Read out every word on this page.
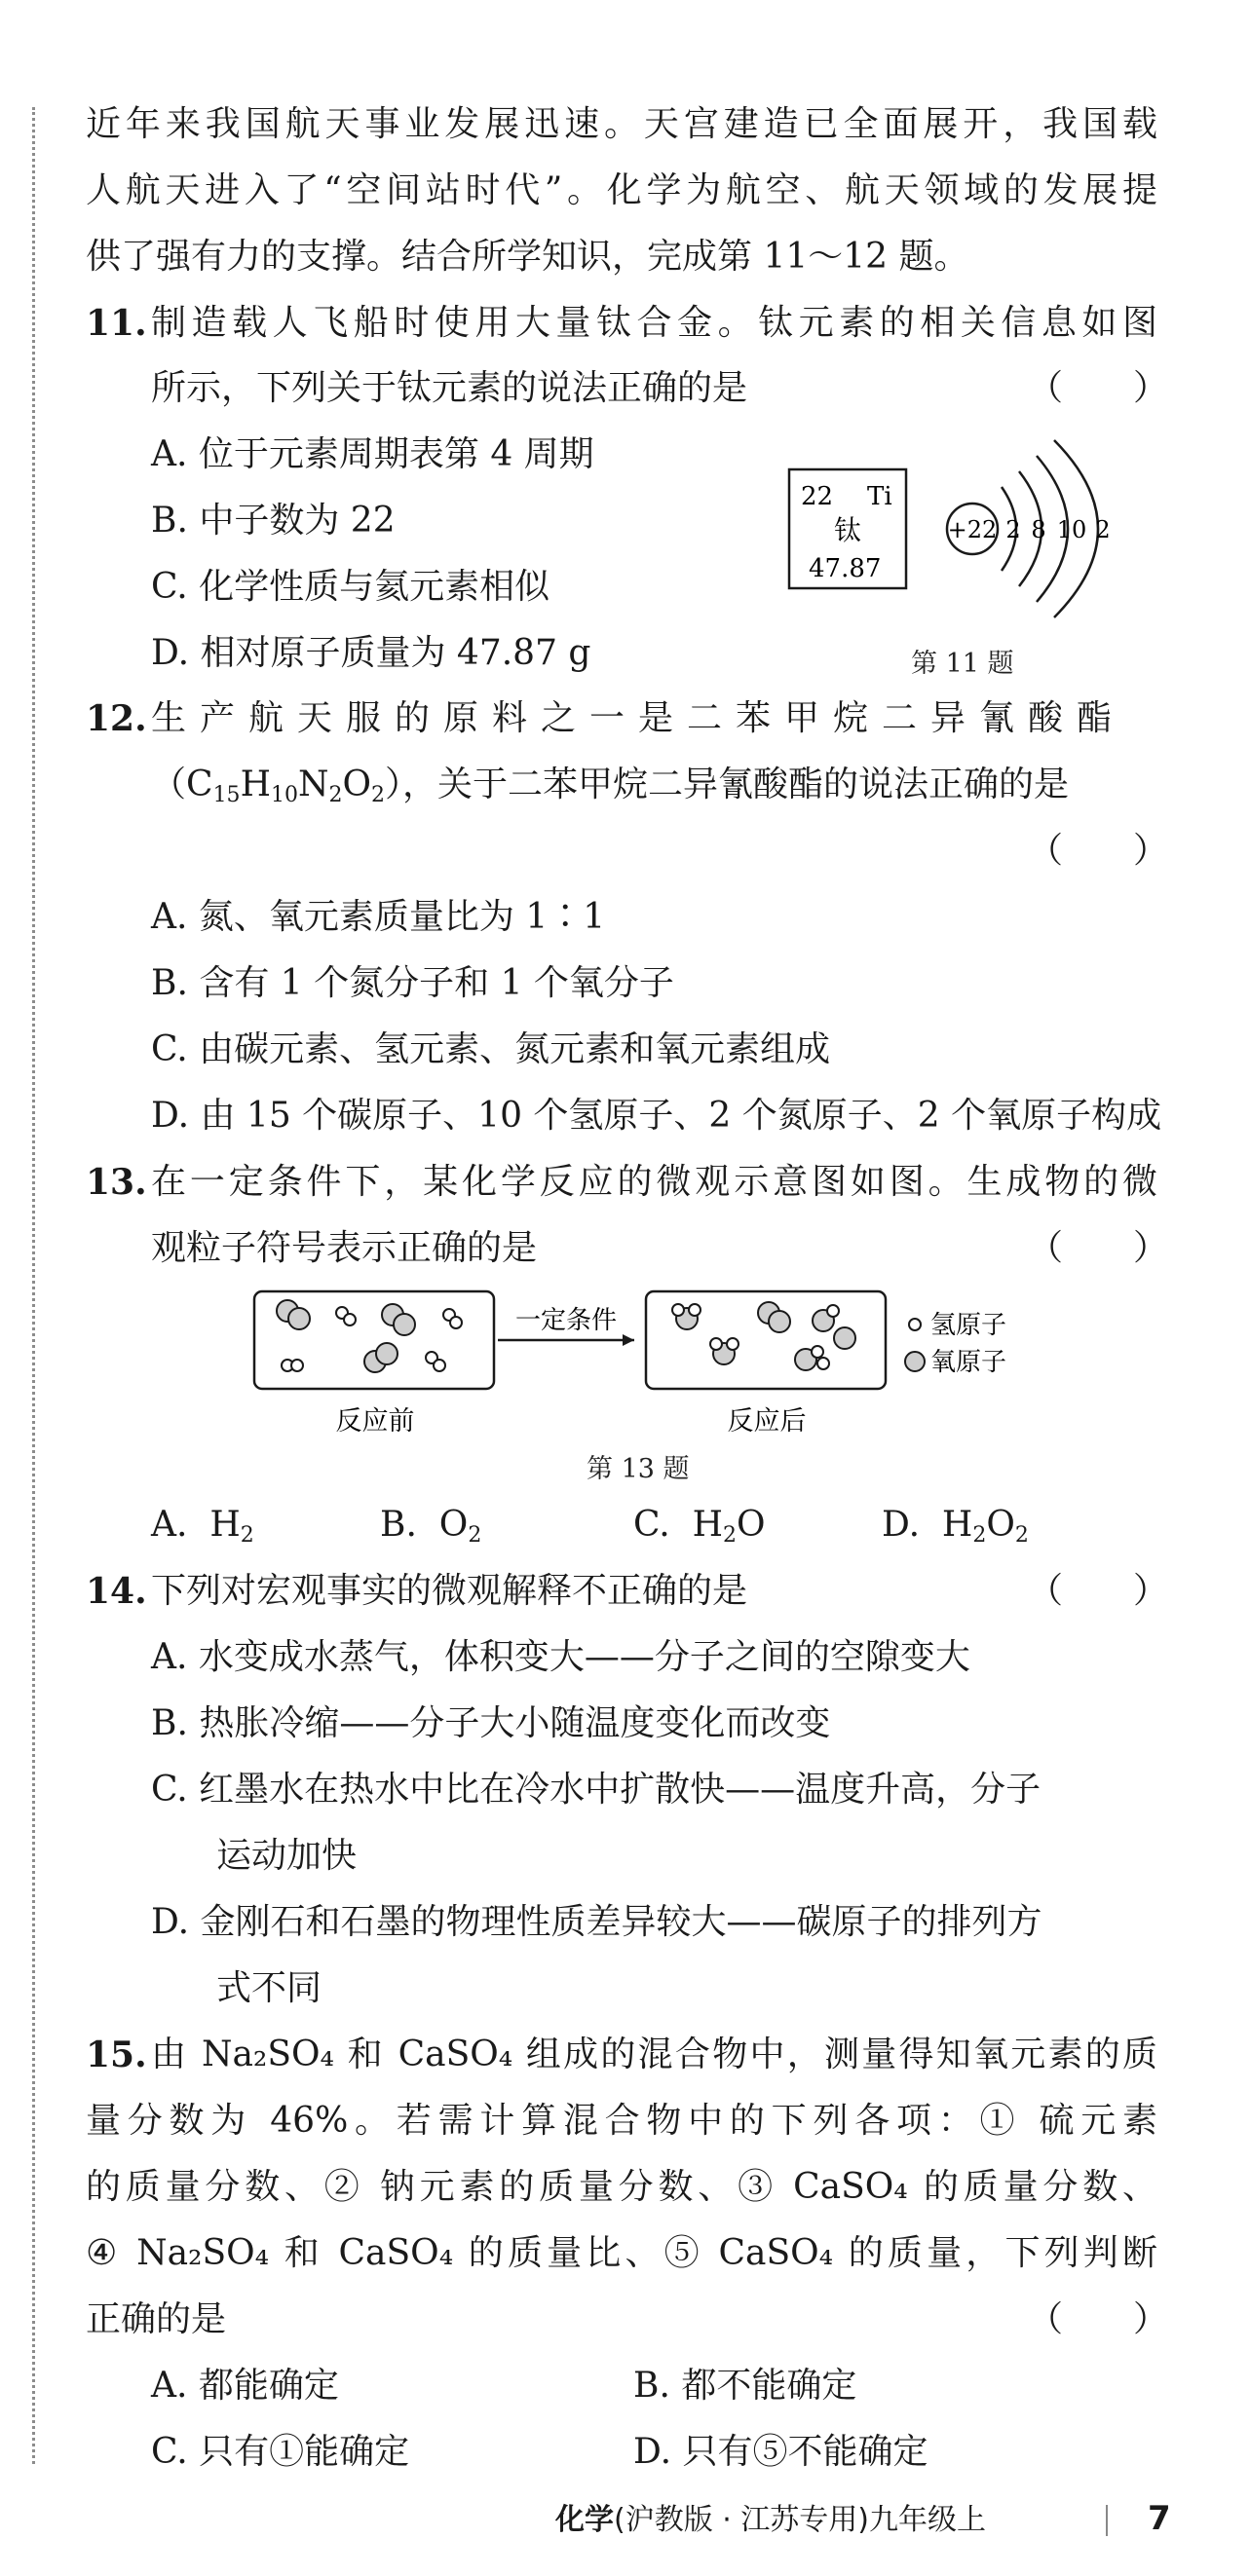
近年来我国航天事业发展迅速。天宫建造已全面展开，我国载
人航天进入了“空间站时代”。化学为航空、航天领域的发展提
供了强有力的支撑。结合所学知识，完成第 11～12 题。
11. 制造载人飞船时使用大量钛合金。钛元素的相关信息如图
所示，下列关于钛元素的说法正确的是	（　　）
A. 位于元素周期表第 4 周期
B. 中子数为 22
C. 化学性质与氦元素相似
D. 相对原子质量为 47.87 g
22 Ti
钛
47.87
+22 2 8 10 2
第 11 题
12. 生产航天服的原料之一是二苯甲烷二异氰酸酯
$(C_{15}H_{10}N_2O_2)$，关于二苯甲烷二异氰酸酯的说法正确的是
（　　）
A. 氮、氧元素质量比为 1∶1
B. 含有 1 个氮分子和 1 个氧分子
C. 由碳元素、氢元素、氮元素和氧元素组成
D. 由 15 个碳原子、10 个氢原子、2 个氮原子、2 个氧原子构成
13. 在一定条件下，某化学反应的微观示意图如图。生成物的微
观粒子符号表示正确的是	（　　）
一定条件	氢原子
氧原子
反应前	反应后
第 13 题
A. $H_2$	B. $O_2$	C. $H_2O$	D. $H_2O_2$
14. 下列对宏观事实的微观解释不正确的是	（　　）
A. 水变成水蒸气，体积变大——分子之间的空隙变大
B. 热胀冷缩——分子大小随温度变化而改变
C. 红墨水在热水中比在冷水中扩散快——温度升高，分子
运动加快
D. 金刚石和石墨的物理性质差异较大——碳原子的排列方
式不同
15. 由 Na₂SO₄ 和 CaSO₄ 组成的混合物中，测量得知氧元素的质
量分数为 46%。若需计算混合物中的下列各项：① 硫元素
的质量分数、② 钠元素的质量分数、③ CaSO₄ 的质量分数、
④ Na₂SO₄ 和 CaSO₄ 的质量比、⑤ CaSO₄ 的质量，下列判断
正确的是	（　　）
A. 都能确定	B. 都不能确定
C. 只有①能确定	D. 只有⑤不能确定
化学(沪教版 · 江苏专用)九年级上	7
